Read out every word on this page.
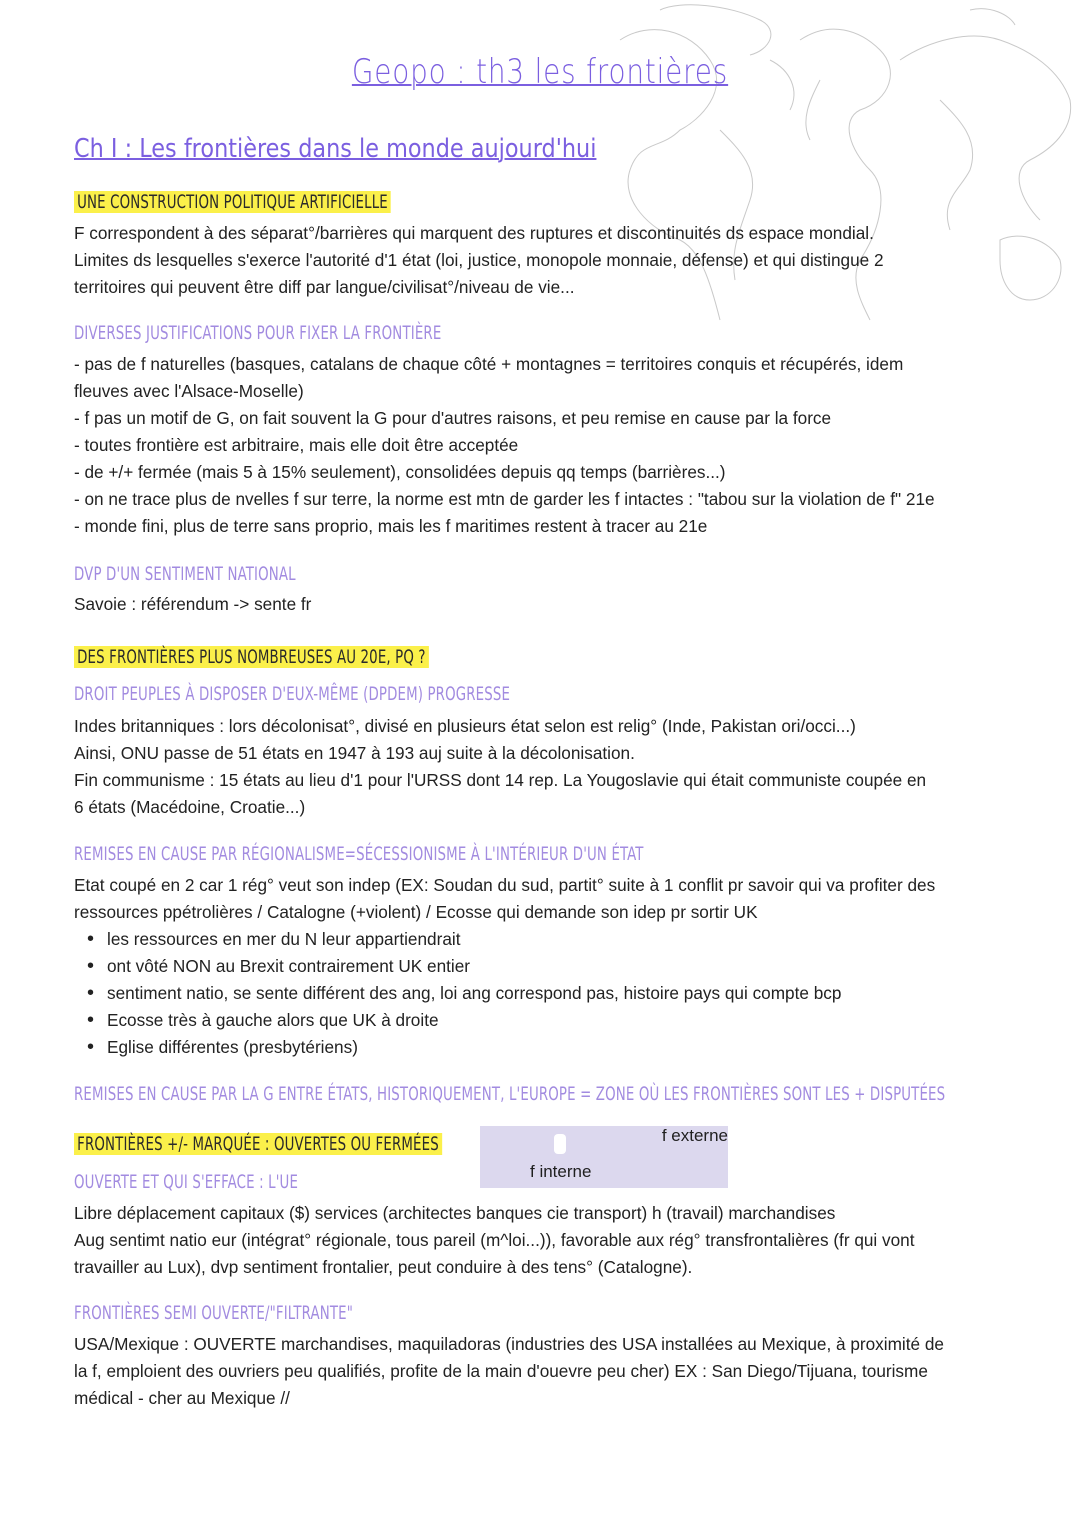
Geopo : th3 les frontières
Ch I : Les frontières dans le monde aujourd'hui
UNE CONSTRUCTION POLITIQUE ARTIFICIELLE
F correspondent à des séparat°/barrières qui marquent des ruptures et discontinuités ds espace mondial.
Limites ds lesquelles s'exerce l'autorité d'1 état (loi, justice, monopole monnaie, défense) et qui distingue 2
territoires qui peuvent être diff par langue/civilisat°/niveau de vie...
DIVERSES JUSTIFICATIONS POUR FIXER LA FRONTIÈRE
- pas de f naturelles (basques, catalans de chaque côté + montagnes = territoires conquis et récupérés, idem
fleuves avec l'Alsace-Moselle)
- f pas un motif de G, on fait souvent la G pour d'autres raisons, et peu remise en cause par la force
- toutes frontière est arbitraire, mais elle doit être acceptée
- de +/+ fermée (mais 5 à 15% seulement), consolidées depuis qq temps (barrières...)
- on ne trace plus de nvelles f sur terre, la norme est mtn de garder les f intactes : "tabou sur la violation de f" 21e
- monde fini, plus de terre sans proprio, mais les f maritimes restent à tracer au 21e
DVP D'UN SENTIMENT NATIONAL
Savoie : référendum -> sente fr
DES FRONTIÈRES PLUS NOMBREUSES AU 20E, PQ ?
DROIT PEUPLES À DISPOSER D'EUX-MÊME (DPDEM) PROGRESSE
Indes britanniques : lors décolonisat°, divisé en plusieurs état selon est relig° (Inde, Pakistan ori/occi...)
Ainsi, ONU passe de 51 états en 1947 à 193 auj suite à la décolonisation.
Fin communisme : 15 états au lieu d'1 pour l'URSS dont 14 rep. La Yougoslavie qui était communiste coupée en
6 états (Macédoine, Croatie...)
REMISES EN CAUSE PAR RÉGIONALISME=SÉCESSIONISME À L'INTÉRIEUR D'UN ÉTAT
Etat coupé en 2 car 1 rég° veut son indep (EX: Soudan du sud, partit° suite à 1 conflit pr savoir qui va profiter des
ressources ppétrolières / Catalogne (+violent) / Ecosse qui demande son idep pr sortir UK
• les ressources en mer du N leur appartiendrait
• ont vôté NON au Brexit contrairement UK entier
• sentiment natio, se sente différent des ang, loi ang correspond pas, histoire pays qui compte bcp
• Ecosse très à gauche alors que UK à droite
• Eglise différentes (presbytériens)
REMISES EN CAUSE PAR LA G ENTRE ÉTATS, HISTORIQUEMENT, L'EUROPE = ZONE OÙ LES FRONTIÈRES SONT LES + DISPUTÉES
FRONTIÈRES +/- MARQUÉE : OUVERTES OU FERMÉES	f externe
f interne
OUVERTE ET QUI S'EFFACE : L'UE
Libre déplacement capitaux ($) services (architectes banques cie transport) h (travail) marchandises
Aug sentimt natio eur (intégrat° régionale, tous pareil (m^loi...)), favorable aux rég° transfrontalières (fr qui vont
travailler au Lux), dvp sentiment frontalier, peut conduire à des tens° (Catalogne).
FRONTIÈRES SEMI OUVERTE/"FILTRANTE"
USA/Mexique : OUVERTE marchandises, maquiladoras (industries des USA installées au Mexique, à proximité de
la f, emploient des ouvriers peu qualifiés, profite de la main d'ouevre peu cher) EX : San Diego/Tijuana, tourisme
médical - cher au Mexique //
